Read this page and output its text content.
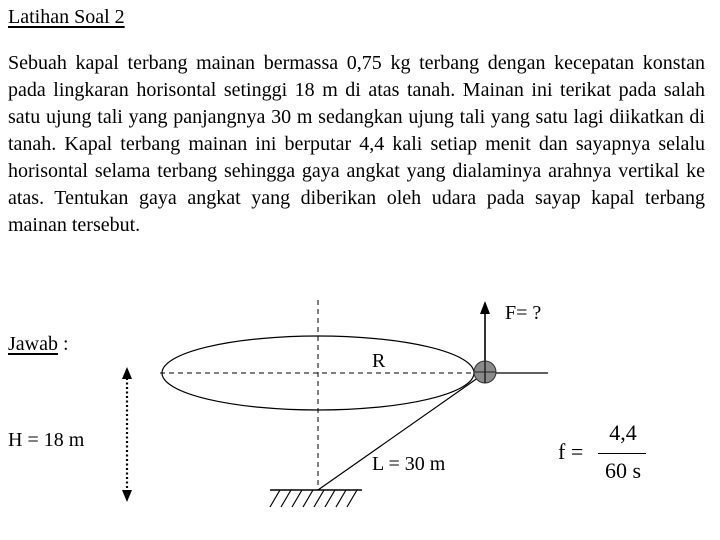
Latihan Soal 2

Sebuah kapal terbang mainan bermassa 0,75 kg terbang dengan kecepatan konstan pada lingkaran horisontal setinggi 18 m di atas tanah. Mainan ini terikat pada salah satu ujung tali yang panjangnya 30 m sedangkan ujung tali yang satu lagi diikatkan di tanah. Kapal terbang mainan ini berputar 4,4 kali setiap menit dan sayapnya selalu horisontal selama terbang sehingga gaya angkat yang dialaminya arahnya vertikal ke atas. Tentukan gaya angkat yang diberikan oleh udara pada sayap kapal terbang mainan tersebut.

Jawab :
H = 18 m
F= ?
R
L = 30 m	f =
4,4
60 s
